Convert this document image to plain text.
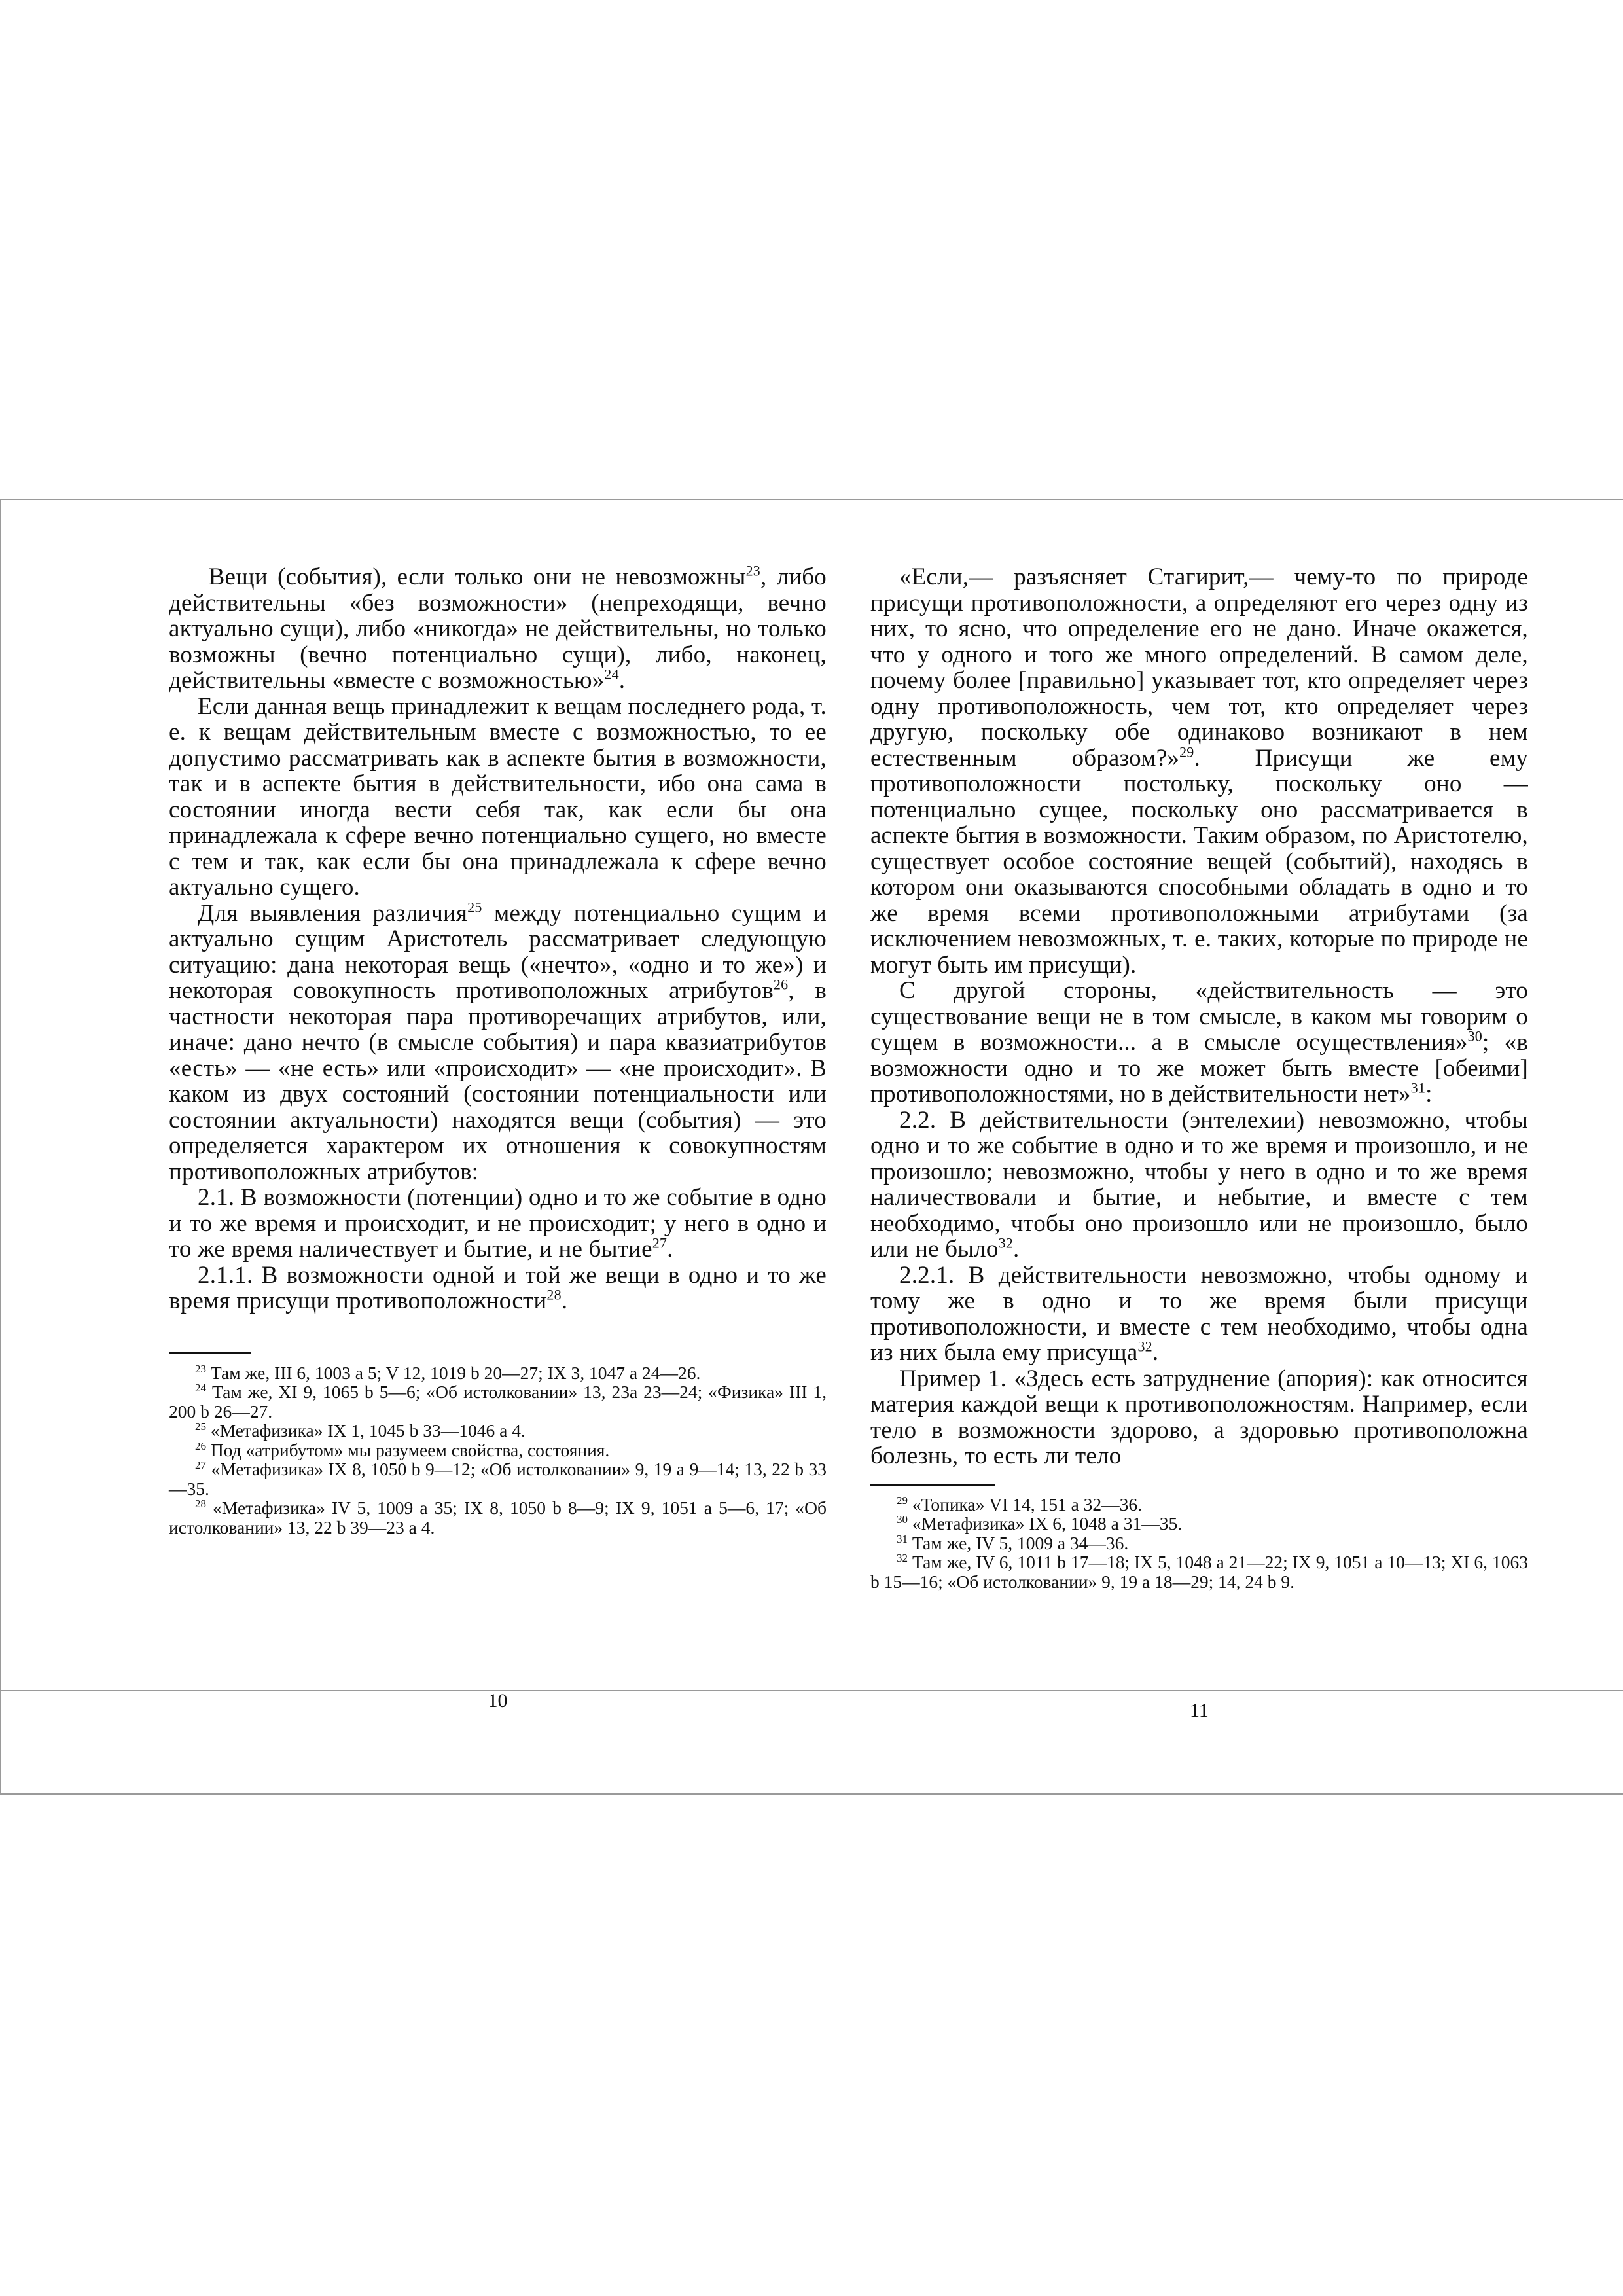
Вещи (события), если только они не невозможны$^{23}$, либо действительны «без возможности» (непреходящи, вечно актуально сущи), либо «никогда» не действительны, но только возможны (вечно потенциально сущи), либо, наконец, действительны «вместе с возможностью»$^{24}$.

Если данная вещь принадлежит к вещам последнего рода, т. е. к вещам действительным вместе с возможностью, то ее допустимо рассматривать как в аспекте бытия в возможности, так и в аспекте бытия в действительности, ибо она сама в состоянии иногда вести себя так, как если бы она принадлежала к сфере вечно потенциально сущего, но вместе с тем и так, как если бы она принадлежала к сфере вечно актуально сущего.

Для выявления различия$^{25}$ между потенциально сущим и актуально сущим Аристотель рассматривает следующую ситуацию: дана некоторая вещь («нечто», «одно и то же») и некоторая совокупность противоположных атрибутов$^{26}$, в частности некоторая пара противоречащих атрибутов, или, иначе: дано нечто (в смысле события) и пара квазиатрибутов «есть» — «не есть» или «происходит» — «не происходит». В каком из двух состояний (состоянии потенциальности или состоянии актуальности) находятся вещи (события) — это определяется характером их отношения к совокупностям противоположных атрибутов:

2.1. В возможности (потенции) одно и то же событие в одно и то же время и происходит, и не происходит; у него в одно и то же время наличествует и бытие, и не бытие$^{27}$.

2.1.1. В возможности одной и той же вещи в одно и то же время присущи противоположности$^{28}$.

$^{23}$ Там же, III 6, 1003 a 5; V 12, 1019 b 20—27; IX 3, 1047 a 24—26.

$^{24}$ Там же, XI 9, 1065 b 5—6; «Об истолковании» 13, 23a 23—24; «Физика» III 1, 200 b 26—27.

$^{25}$ «Метафизика» IX 1, 1045 b 33—1046 a 4.

$^{26}$ Под «атрибутом» мы разумеем свойства, состояния.

$^{27}$ «Метафизика» IX 8, 1050 b 9—12; «Об истолковании» 9, 19 a 9—14; 13, 22 b 33—35.

$^{28}$ «Метафизика» IV 5, 1009 a 35; IX 8, 1050 b 8—9; IX 9, 1051 a 5—6, 17; «Об истолковании» 13, 22 b 39—23 a 4.

10

«Если,— разъясняет Стагирит,— чему-то по природе присущи противоположности, а определяют его через одну из них, то ясно, что определение его не дано. Иначе окажется, что у одного и того же много определений. В самом деле, почему более [правильно] указывает тот, кто определяет через одну противоположность, чем тот, кто определяет через другую, поскольку обе одинаково возникают в нем естественным образом?»$^{29}$. Присущи же ему противоположности постольку, поскольку оно — потенциально сущее, поскольку оно рассматривается в аспекте бытия в возможности. Таким образом, по Аристотелю, существует особое состояние вещей (событий), находясь в котором они оказываются способными обладать в одно и то же время всеми противоположными атрибутами (за исключением невозможных, т. е. таких, которые по природе не могут быть им присущи).

С другой стороны, «действительность — это существование вещи не в том смысле, в каком мы говорим о сущем в возможности... а в смысле осуществления»$^{30}$; «в возможности одно и то же может быть вместе [обеими] противоположностями, но в действительности нет»$^{31}$:

2.2. В действительности (энтелехии) невозможно, чтобы одно и то же событие в одно и то же время и произошло, и не произошло; невозможно, чтобы у него в одно и то же время наличествовали и бытие, и небытие, и вместе с тем необходимо, чтобы оно произошло или не произошло, было или не было$^{32}$.

2.2.1. В действительности невозможно, чтобы одному и тому же в одно и то же время были присущи противоположности, и вместе с тем необходимо, чтобы одна из них была ему присуща$^{32}$.

Пример 1. «Здесь есть затруднение (апория): как относится материя каждой вещи к противоположностям. Например, если тело в возможности здорово, а здоровью противоположна болезнь, то есть ли тело

$^{29}$ «Топика» VI 14, 151 a 32—36.

$^{30}$ «Метафизика» IX 6, 1048 a 31—35.

$^{31}$ Там же, IV 5, 1009 a 34—36.

$^{32}$ Там же, IV 6, 1011 b 17—18; IX 5, 1048 a 21—22; IX 9, 1051 a 10—13; XI 6, 1063 b 15—16; «Об истолковании» 9, 19 a 18—29; 14, 24 b 9.

11
